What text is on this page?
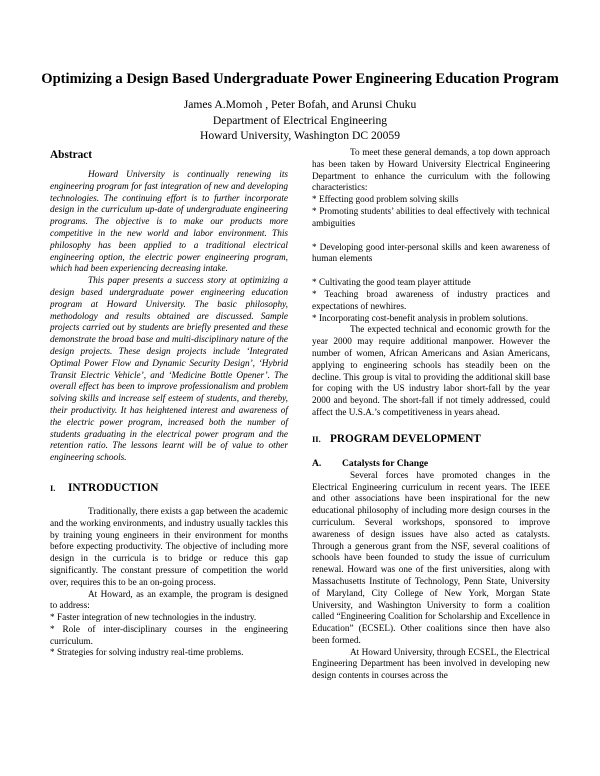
Optimizing a Design Based Undergraduate Power Engineering Education Program
James A.Momoh , Peter Bofah, and Arunsi Chuku
Department of Electrical Engineering
Howard University, Washington DC 20059
Abstract

Howard University is continually renewing its engineering program for fast integration of new and developing technologies. The continuing effort is to further incorporate design in the curriculum up-date of undergraduate engineering programs. The objective is to make our products more competitive in the new world and labor environment. This philosophy has been applied to a traditional electrical engineering option, the electric power engineering program, which had been experiencing decreasing intake.

This paper presents a success story at optimizing a design based undergraduate power engineering education program at Howard University. The basic philosophy, methodology and results obtained are discussed. Sample projects carried out by students are briefly presented and these demonstrate the broad base and multi-disciplinary nature of the design projects. These design projects include ‘Integrated Optimal Power Flow and Dynamic Security Design’, ‘Hybrid Transit Electric Vehicle’, and ‘Medicine Bottle Opener’. The overall effect has been to improve professionalism and problem solving skills and increase self esteem of students, and thereby, their productivity. It has heightened interest and awareness of the electric power program, increased both the number of students graduating in the electrical power program and the retention ratio. The lessons learnt will be of value to other engineering schools.

I. INTRODUCTION

Traditionally, there exists a gap between the academic and the working environments, and industry usually tackles this by training young engineers in their environment for months before expecting productivity. The objective of including more design in the curricula is to bridge or reduce this gap significantly. The constant pressure of competition the world over, requires this to be an on-going process.

At Howard, as an example, the program is designed to address:

* Faster integration of new technologies in the industry.

* Role of inter-disciplinary courses in the engineering curriculum.

* Strategies for solving industry real-time problems.

To meet these general demands, a top down approach has been taken by Howard University Electrical Engineering Department to enhance the curriculum with the following characteristics:

* Effecting good problem solving skills

* Promoting students’ abilities to deal effectively with technical ambiguities

* Developing good inter-personal skills and keen awareness of human elements

* Cultivating the good team player attitude

* Teaching broad awareness of industry practices and expectations of newhires.

* Incorporating cost-benefit analysis in problem solutions.

The expected technical and economic growth for the year 2000 may require additional manpower. However the number of women, African Americans and Asian Americans, applying to engineering schools has steadily been on the decline. This group is vital to providing the additional skill base for coping with the US industry labor short-fall by the year 2000 and beyond. The short-fall if not timely addressed, could affect the U.S.A.’s competitiveness in years ahead.

II. PROGRAM DEVELOPMENT
A. Catalysts for Change

Several forces have promoted changes in the Electrical Engineering curriculum in recent years. The IEEE and other associations have been inspirational for the new educational philosophy of including more design courses in the curriculum. Several workshops, sponsored to improve awareness of design issues have also acted as catalysts. Through a generous grant from the NSF, several coalitions of schools have been founded to study the issue of curriculum renewal. Howard was one of the first universities, along with Massachusetts Institute of Technology, Penn State, University of Maryland, City College of New York, Morgan State University, and Washington University to form a coalition called “Engineering Coalition for Scholarship and Excellence in Education” (ECSEL). Other coalitions since then have also been formed.

At Howard University, through ECSEL, the Electrical Engineering Department has been involved in developing new design contents in courses across the
